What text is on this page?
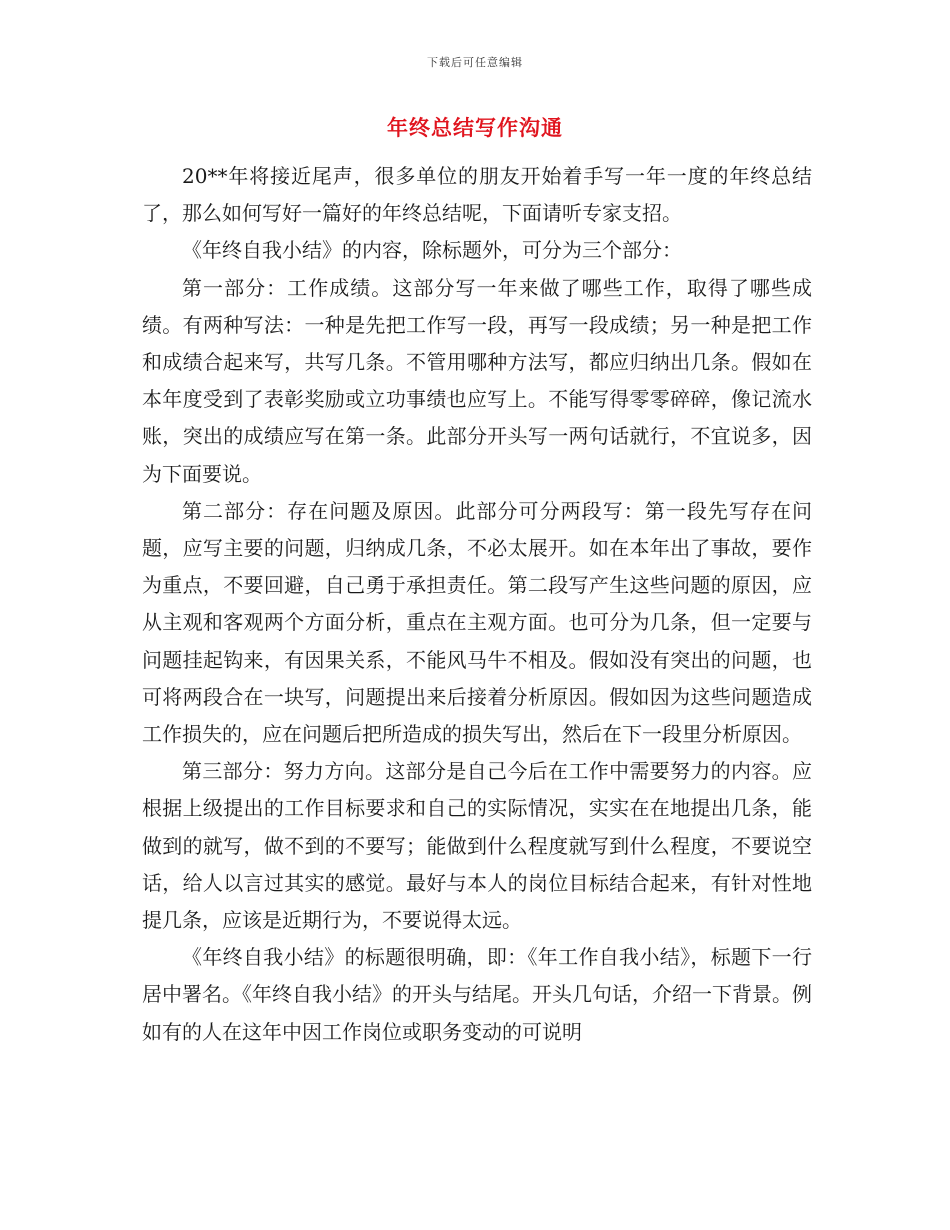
下载后可任意编辑
年终总结写作沟通

20**年将接近尾声，很多单位的朋友开始着手写一年一度的年终总结了，那么如何写好一篇好的年终总结呢，下面请听专家支招。

《年终自我小结》的内容，除标题外，可分为三个部分：

第一部分：工作成绩。这部分写一年来做了哪些工作，取得了哪些成绩。有两种写法：一种是先把工作写一段，再写一段成绩；另一种是把工作和成绩合起来写，共写几条。不管用哪种方法写，都应归纳出几条。假如在本年度受到了表彰奖励或立功事绩也应写上。不能写得零零碎碎，像记流水账，突出的成绩应写在第一条。此部分开头写一两句话就行，不宜说多，因为下面要说。

第二部分：存在问题及原因。此部分可分两段写：第一段先写存在问题，应写主要的问题，归纳成几条，不必太展开。如在本年出了事故，要作为重点，不要回避，自己勇于承担责任。第二段写产生这些问题的原因，应从主观和客观两个方面分析，重点在主观方面。也可分为几条，但一定要与问题挂起钩来，有因果关系，不能风马牛不相及。假如没有突出的问题，也可将两段合在一块写，问题提出来后接着分析原因。假如因为这些问题造成工作损失的，应在问题后把所造成的损失写出，然后在下一段里分析原因。

第三部分：努力方向。这部分是自己今后在工作中需要努力的内容。应根据上级提出的工作目标要求和自己的实际情况，实实在在地提出几条，能做到的就写，做不到的不要写；能做到什么程度就写到什么程度，不要说空话，给人以言过其实的感觉。最好与本人的岗位目标结合起来，有针对性地提几条，应该是近期行为，不要说得太远。

《年终自我小结》的标题很明确，即：《年工作自我小结》，标题下一行居中署名。《年终自我小结》的开头与结尾。开头几句话，介绍一下背景。例如有的人在这年中因工作岗位或职务变动的可说明
